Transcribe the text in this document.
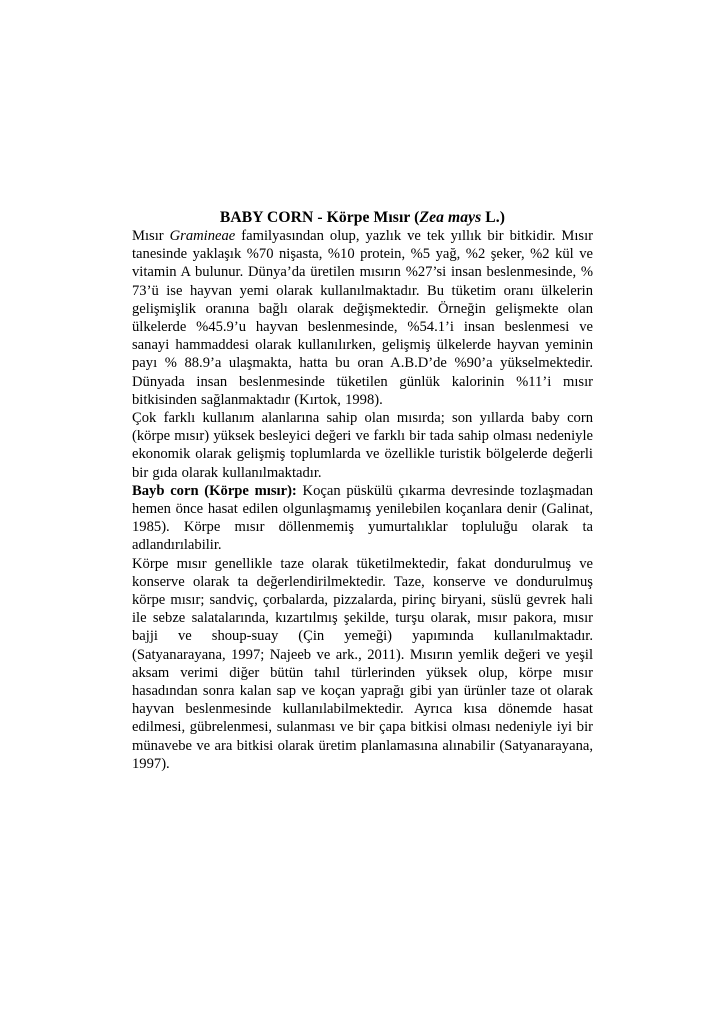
BABY CORN - Körpe Mısır (Zea mays L.)

Mısır Gramineae familyasından olup, yazlık ve tek yıllık bir bitkidir. Mısır tanesinde yaklaşık %70 nişasta, %10 protein, %5 yağ, %2 şeker, %2 kül ve vitamin A bulunur. Dünya’da üretilen mısırın %27’si insan beslenmesinde, % 73’ü ise hayvan yemi olarak kullanılmaktadır. Bu tüketim oranı ülkelerin gelişmişlik oranına bağlı olarak değişmektedir. Örneğin gelişmekte olan ülkelerde %45.9’u hayvan beslenmesinde, %54.1’i insan beslenmesi ve sanayi hammaddesi olarak kullanılırken, gelişmiş ülkelerde hayvan yeminin payı % 88.9’a ulaşmakta, hatta bu oran A.B.D’de %90’a yükselmektedir. Dünyada insan beslenmesinde tüketilen günlük kalorinin %11’i mısır bitkisinden sağlanmaktadır (Kırtok, 1998).

Çok farklı kullanım alanlarına sahip olan mısırda; son yıllarda baby corn (körpe mısır) yüksek besleyici değeri ve farklı bir tada sahip olması nedeniyle ekonomik olarak gelişmiş toplumlarda ve özellikle turistik bölgelerde değerli bir gıda olarak kullanılmaktadır.

Bayb corn (Körpe mısır): Koçan püskülü çıkarma devresinde tozlaşmadan hemen önce hasat edilen olgunlaşmamış yenilebilen koçanlara denir (Galinat, 1985). Körpe mısır döllenmemiş yumurtalıklar topluluğu olarak ta adlandırılabilir.

Körpe mısır genellikle taze olarak tüketilmektedir, fakat dondurulmuş ve konserve olarak ta değerlendirilmektedir. Taze, konserve ve dondurulmuş körpe mısır; sandviç, çorbalarda, pizzalarda, pirinç biryani, süslü gevrek hali ile sebze salatalarında, kızartılmış şekilde, turşu olarak, mısır pakora, mısır bajji ve shoup-suay (Çin yemeği) yapımında kullanılmaktadır. (Satyanarayana, 1997; Najeeb ve ark., 2011). Mısırın yemlik değeri ve yeşil aksam verimi diğer bütün tahıl türlerinden yüksek olup, körpe mısır hasadından sonra kalan sap ve koçan yaprağı gibi yan ürünler taze ot olarak hayvan beslenmesinde kullanılabilmektedir. Ayrıca kısa dönemde hasat edilmesi, gübrelenmesi, sulanması ve bir çapa bitkisi olması nedeniyle iyi bir münavebe ve ara bitkisi olarak üretim planlamasına alınabilir (Satyanarayana, 1997).
